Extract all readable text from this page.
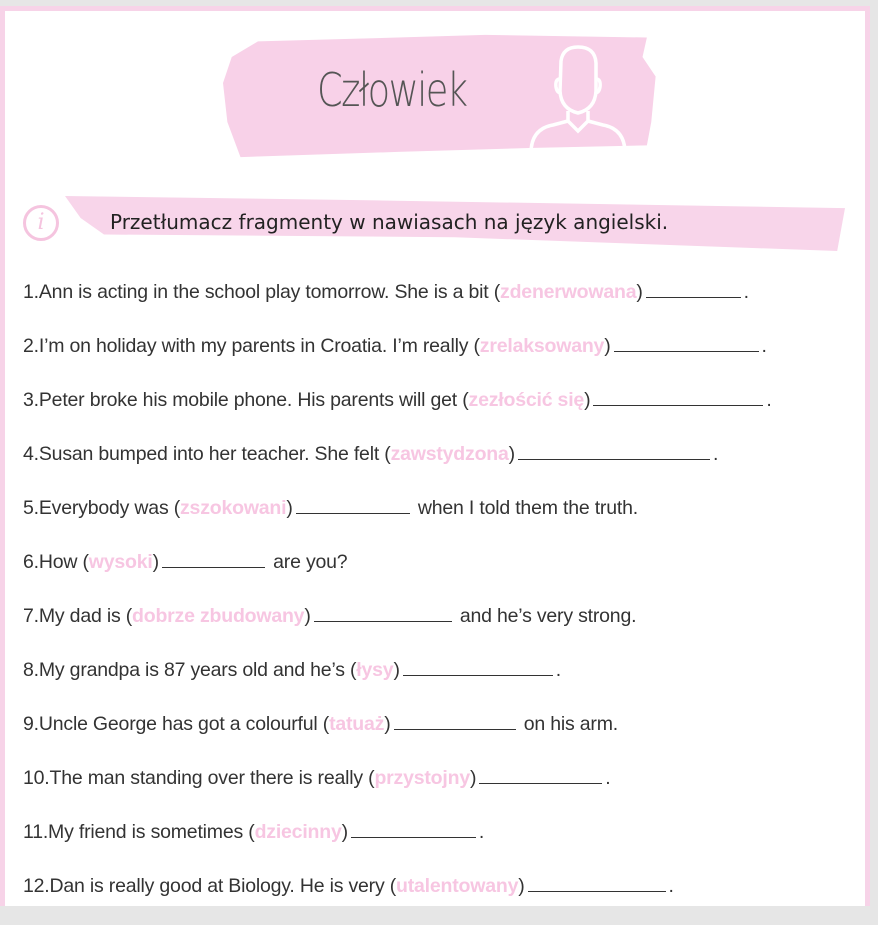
Człowiek
i	Przetłumacz fragmenty w nawiasach na język angielski.
1.Ann is acting in the school play tomorrow. She is a bit (zdenerwowana)	.
2.I’m on holiday with my parents in Croatia. I’m really (zrelaksowany)	.
3.Peter broke his mobile phone. His parents will get (zezłościć się)	.
4.Susan bumped into her teacher. She felt (zawstydzona)	.
5.Everybody was (zszokowani)	when I told them the truth.
6.How (wysoki)	are you?
7.My dad is (dobrze zbudowany)	and he’s very strong.
8.My grandpa is 87 years old and he’s (łysy)	.
9.Uncle George has got a colourful (tatuaż)	on his arm.
10.The man standing over there is really (przystojny)	.
11.My friend is sometimes (dziecinny)	.
12.Dan is really good at Biology. He is very (utalentowany)	.
